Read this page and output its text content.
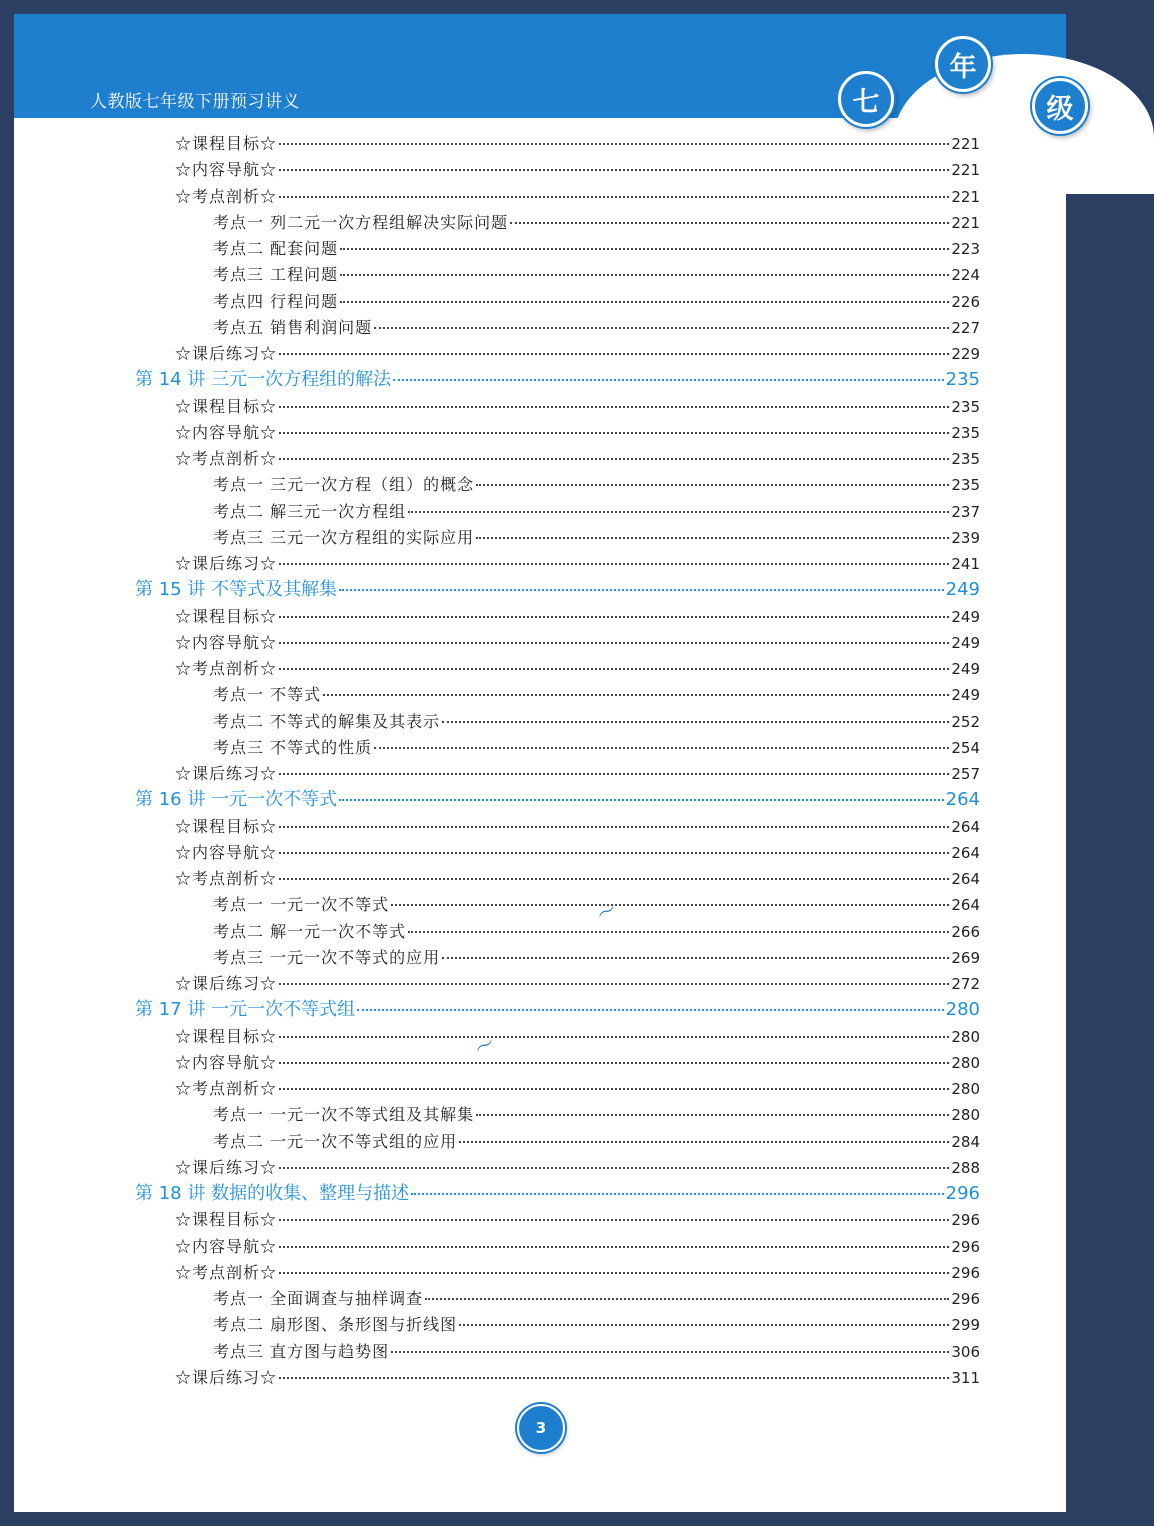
人教版七年级下册预习讲义	七
年
级
☆课程目标☆	221
☆内容导航☆	221
☆考点剖析☆	221
考点一 列二元一次方程组解决实际问题	221
考点二 配套问题	223
考点三 工程问题	224
考点四 行程问题	226
考点五 销售利润问题	227
☆课后练习☆	229
第 14 讲 三元一次方程组的解法	235
☆课程目标☆	235
☆内容导航☆	235
☆考点剖析☆	235
考点一 三元一次方程（组）的概念	235
考点二 解三元一次方程组	237
考点三 三元一次方程组的实际应用	239
☆课后练习☆	241
第 15 讲 不等式及其解集	249
☆课程目标☆	249
☆内容导航☆	249
☆考点剖析☆	249
考点一 不等式	249
考点二 不等式的解集及其表示	252
考点三 不等式的性质	254
☆课后练习☆	257
第 16 讲 一元一次不等式	264
☆课程目标☆	264
☆内容导航☆	264
☆考点剖析☆	264
考点一 一元一次不等式	264
考点二 解一元一次不等式	266
考点三 一元一次不等式的应用	269
☆课后练习☆	272
第 17 讲 一元一次不等式组	280
☆课程目标☆	280
☆内容导航☆	280
☆考点剖析☆	280
考点一 一元一次不等式组及其解集	280
考点二 一元一次不等式组的应用	284
☆课后练习☆	288
第 18 讲 数据的收集、整理与描述	296
☆课程目标☆	296
☆内容导航☆	296
☆考点剖析☆	296
考点一 全面调查与抽样调查	296
考点二 扇形图、条形图与折线图	299
考点三 直方图与趋势图	306
☆课后练习☆	311
〜
〜
3
